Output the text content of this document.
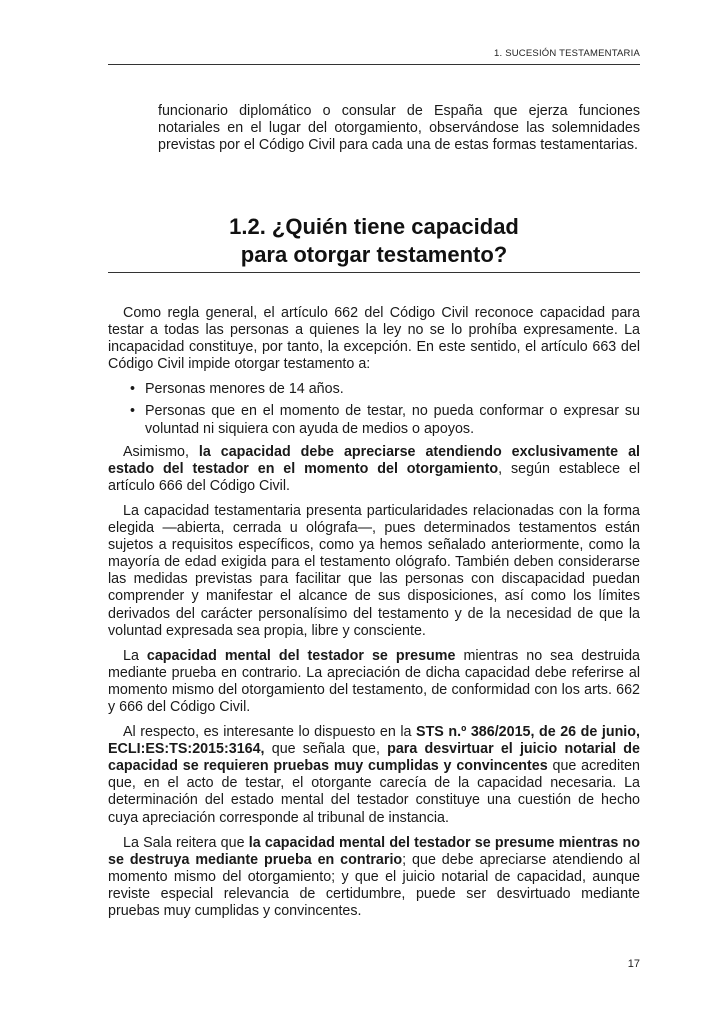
1. SUCESIÓN TESTAMENTARIA

funcionario diplomático o consular de España que ejerza funciones notariales en el lugar del otorgamiento, observándose las solemnidades previstas por el Código Civil para cada una de estas formas testamentarias.

1.2. ¿Quién tiene capacidad
para otorgar testamento?

Como regla general, el artículo 662 del Código Civil reconoce capacidad para testar a todas las personas a quienes la ley no se lo prohíba expresamente. La incapacidad constituye, por tanto, la excepción. En este sentido, el artículo 663 del Código Civil impide otorgar testamento a:

• Personas menores de 14 años.
• Personas que en el momento de testar, no pueda conformar o expresar su voluntad ni siquiera con ayuda de medios o apoyos.

Asimismo, la capacidad debe apreciarse atendiendo exclusivamente al estado del testador en el momento del otorgamiento, según establece el artículo 666 del Código Civil.

La capacidad testamentaria presenta particularidades relacionadas con la forma elegida —abierta, cerrada u ológrafa—, pues determinados testamentos están sujetos a requisitos específicos, como ya hemos señalado anteriormente, como la mayoría de edad exigida para el testamento ológrafo. También deben considerarse las medidas previstas para facilitar que las personas con discapacidad puedan comprender y manifestar el alcance de sus disposiciones, así como los límites derivados del carácter personalísimo del testamento y de la necesidad de que la voluntad expresada sea propia, libre y consciente.

La capacidad mental del testador se presume mientras no sea destruida mediante prueba en contrario. La apreciación de dicha capacidad debe referirse al momento mismo del otorgamiento del testamento, de conformidad con los arts. 662 y 666 del Código Civil.

Al respecto, es interesante lo dispuesto en la STS n.º 386/2015, de 26 de junio, ECLI:ES:TS:2015:3164, que señala que, para desvirtuar el juicio notarial de capacidad se requieren pruebas muy cumplidas y convincentes que acrediten que, en el acto de testar, el otorgante carecía de la capacidad necesaria. La determinación del estado mental del testador constituye una cuestión de hecho cuya apreciación corresponde al tribunal de instancia.

La Sala reitera que la capacidad mental del testador se presume mientras no se destruya mediante prueba en contrario; que debe apreciarse atendiendo al momento mismo del otorgamiento; y que el juicio notarial de capacidad, aunque reviste especial relevancia de certidumbre, puede ser desvirtuado mediante pruebas muy cumplidas y convincentes.

17
